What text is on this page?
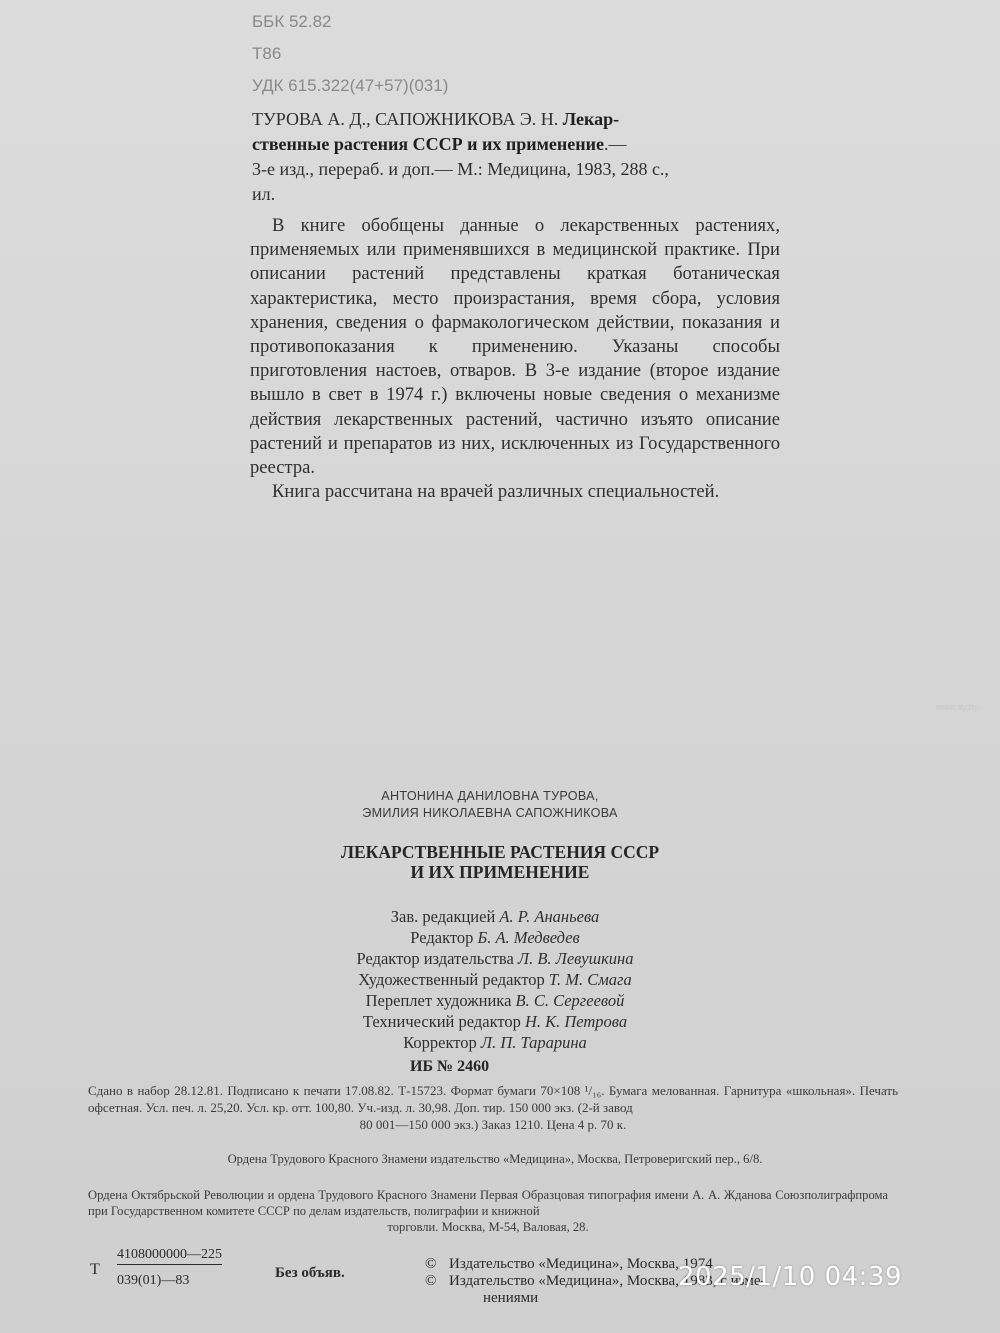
ББК 52.82
Т86
УДК 615.322(47+57)(031)
ТУРОВА А. Д., САПОЖНИКОВА Э. Н. Лекар-
ственные растения СССР и их применение.—
3-е изд., перераб. и доп.— М.: Медицина, 1983, 288 с.,
ил.

В книге обобщены данные о лекарственных растениях, применяемых или применявшихся в медицинской практике. При описании растений представлены краткая ботаническая характеристика, место произрастания, время сбора, условия хранения, сведения о фармакологическом действии, показания и противопоказания к применению. Указаны способы приготовления настоев, отваров. В 3-е издание (второе издание вышло в свет в 1974 г.) включены новые сведения о механизме действия лекарственных растений, частично изъято описание растений и препаратов из них, исключенных из Государственного реестра.

Книга рассчитана на врачей различных специальностей.

АНТОНИНА ДАНИЛОВНА ТУРОВА,
ЭМИЛИЯ НИКОЛАЕВНА САПОЖНИКОВА
ЛЕКАРСТВЕННЫЕ РАСТЕНИЯ СССР
И ИХ ПРИМЕНЕНИЕ
Зав. редакцией А. Р. Ананьева
Редактор Б. А. Медведев
Редактор издательства Л. В. Левушкина
Художественный редактор Т. М. Смага
Переплет художника В. С. Сергеевой
Технический редактор Н. К. Петрова
Корректор Л. П. Тарарина
ИБ № 2460
Сдано в набор 28.12.81. Подписано к печати 17.08.82. Т-15723. Формат бумаги 70×108 ¹/₁₆. Бумага мелованная. Гарнитура «школьная». Печать офсетная. Усл. печ. л. 25,20. Усл. кр. отт. 100,80. Уч.-изд. л. 30,98. Доп. тир. 150 000 экз. (2-й завод
80 001—150 000 экз.) Заказ 1210. Цена 4 р. 70 к.
Ордена Трудового Красного Знамени издательство «Медицина», Москва, Петроверигский пер., 6/8.
Ордена Октябрьской Революции и ордена Трудового Красного Знамени Первая Образцовая типография имени А. А. Жданова Союзполиграфпрома при Государственном комитете СССР по делам издательств, полиграфии и книжной
торговли. Москва, М-54, Валовая, 28.
Т
4108000000—225
039(01)—83	Без объяв.
© Издательство «Медицина», Москва, 1974
© Издательство «Медицина», Москва, 1983, с изме-
нениями
2025/1/10 04:39
www.ay.by
